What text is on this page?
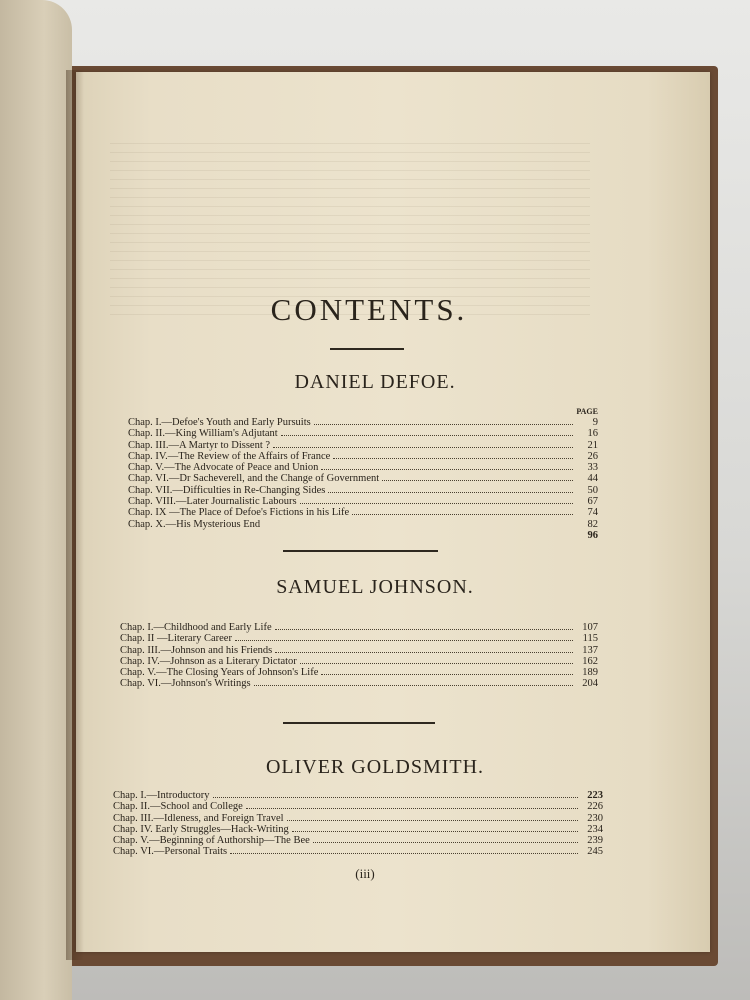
CONTENTS.
DANIEL DEFOE.
PAGE
Chap. I.—Defoe's Youth and Early Pursuits	9
Chap. II.—King William's Adjutant	16
Chap. III.—A Martyr to Dissent ?	21
Chap. IV.—The Review of the Affairs of France	26
Chap. V.—The Advocate of Peace and Union	33
Chap. VI.—Dr Sacheverell, and the Change of Government	44
Chap. VII.—Difficulties in Re-Changing Sides	50
Chap. VIII.—Later Journalistic Labours	67
Chap. IX —The Place of Defoe's Fictions in his Life	74
Chap. X.—His Mysterious End	82
96
SAMUEL JOHNSON.
Chap. I.—Childhood and Early Life	107
Chap. II —Literary Career	115
Chap. III.—Johnson and his Friends	137
Chap. IV.—Johnson as a Literary Dictator	162
Chap. V.—The Closing Years of Johnson's Life	189
Chap. VI.—Johnson's Writings	204
OLIVER GOLDSMITH.
Chap. I.—Introductory	223
Chap. II.—School and College	226
Chap. III.—Idleness, and Foreign Travel	230
Chap. IV. Early Struggles—Hack-Writing	234
Chap. V.—Beginning of Authorship—The Bee	239
Chap. VI.—Personal Traits	245
(iii)
